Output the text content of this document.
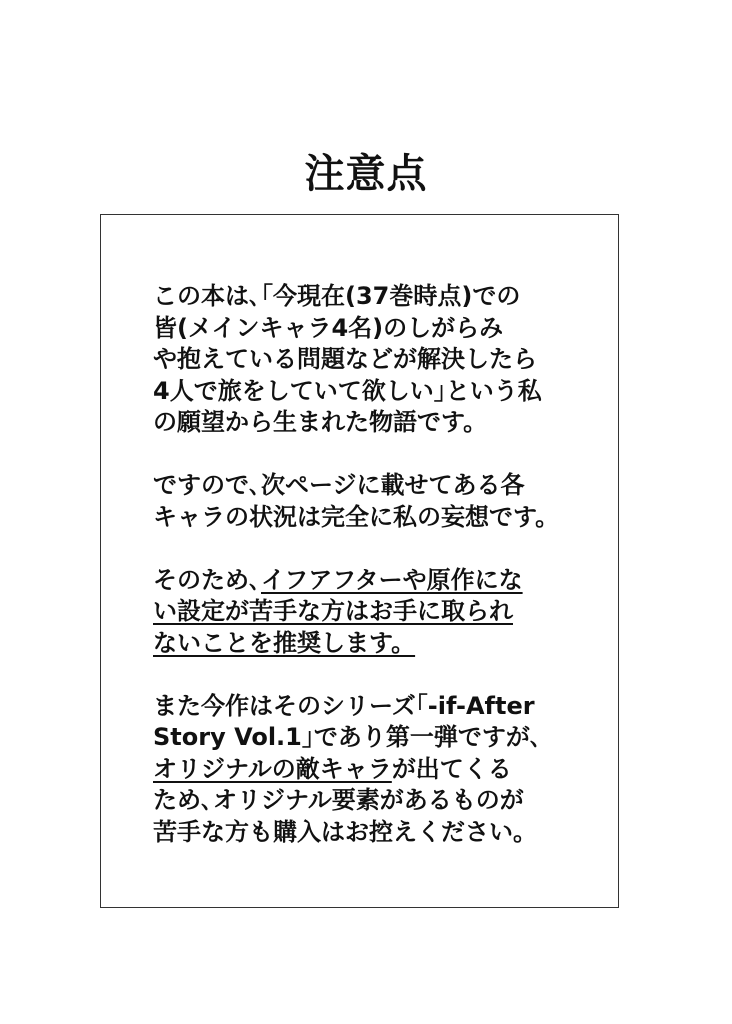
注意点
この本は､｢今現在(37巻時点)での
皆(メインキャラ4名)のしがらみ
や抱えている問題などが解決したら
4人で旅をしていて欲しい｣という私
の願望から生まれた物語です。
ですので､次ページに載せてある各
キャラの状況は完全に私の妄想です。
そのため､イフアフターや原作にな
い設定が苦手な方はお手に取られ
ないことを推奨します。
また今作はそのシリーズ｢-if-After
Story Vol.1｣であり第一弾ですが､
オリジナルの敵キャラが出てくる
ため､オリジナル要素があるものが
苦手な方も購入はお控えください。
